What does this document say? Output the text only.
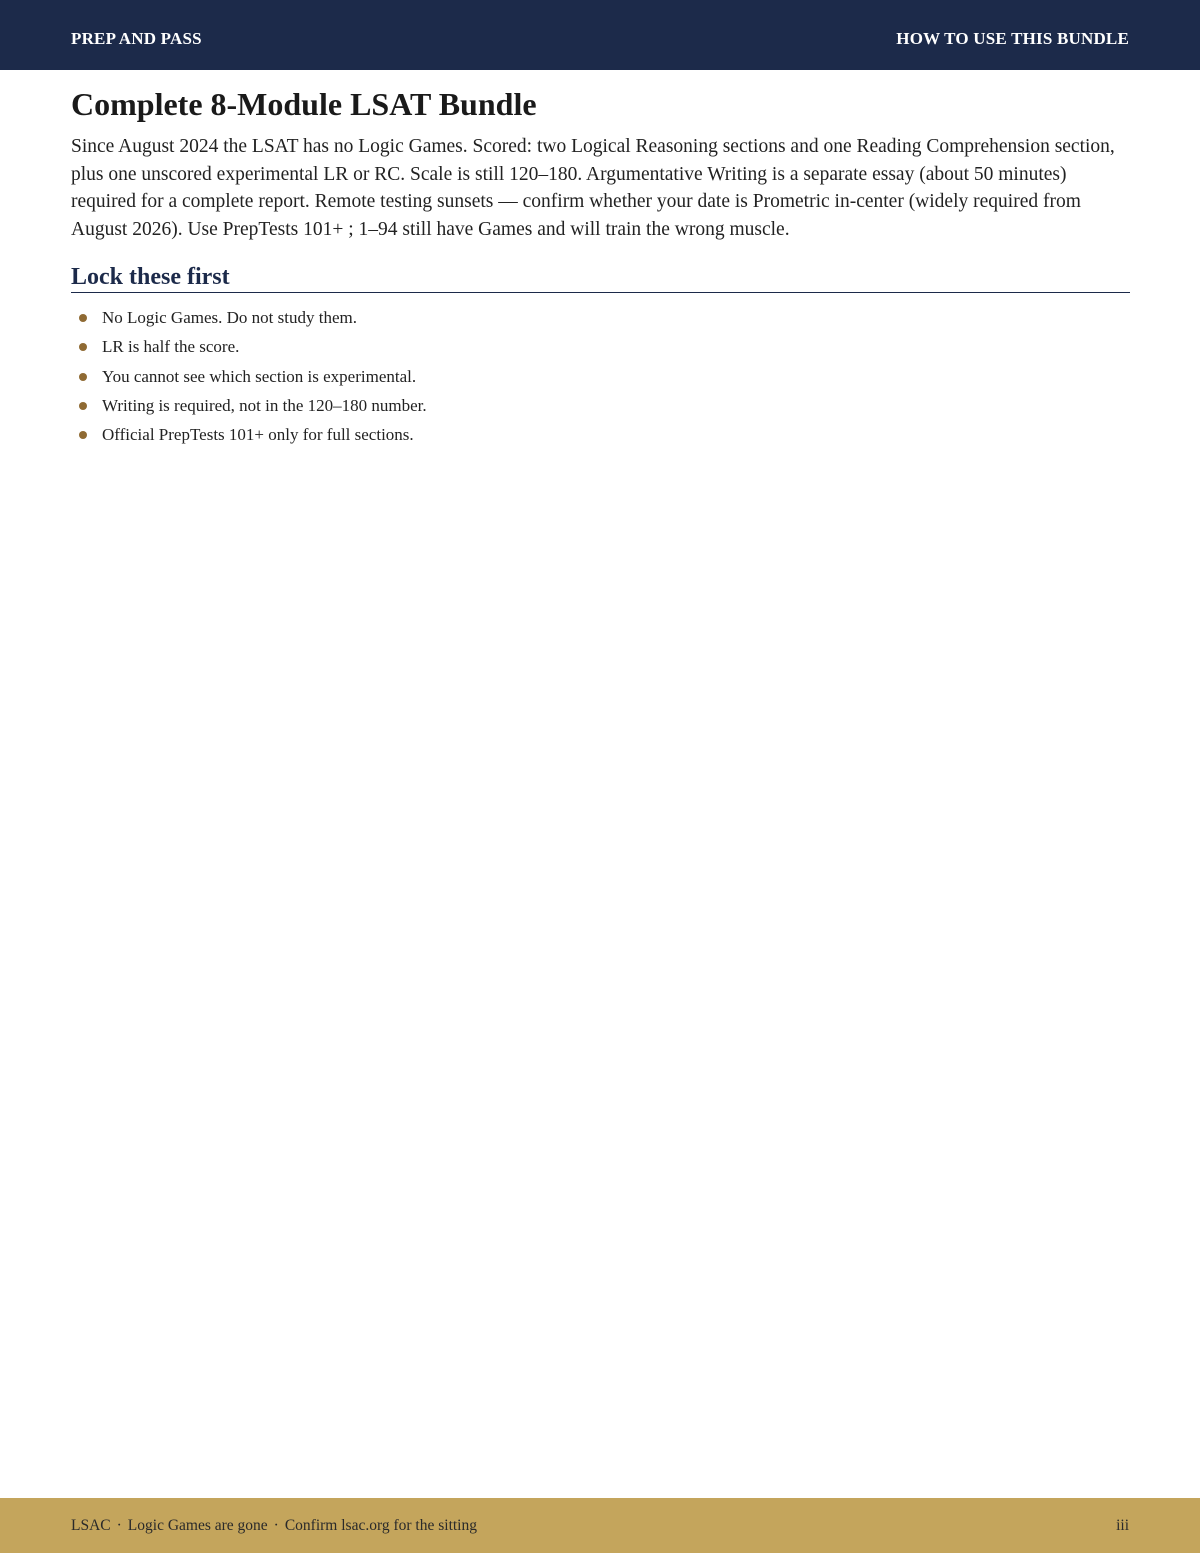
PREP AND PASS	HOW TO USE THIS BUNDLE
Complete 8-Module LSAT Bundle

Since August 2024 the LSAT has no Logic Games. Scored: two Logical Reasoning sections and one Reading Comprehension section, plus one unscored experimental LR or RC. Scale is still 120–180. Argumentative Writing is a separate essay (about 50 minutes) required for a complete report. Remote testing sunsets — confirm whether your date is Prometric in-center (widely required from August 2026). Use PrepTests 101+ ; 1–94 still have Games and will train the wrong muscle.

Lock these first
No Logic Games. Do not study them.
LR is half the score.
You cannot see which section is experimental.
Writing is required, not in the 120–180 number.
Official PrepTests 101+ only for full sections.
LSAC · Logic Games are gone · Confirm lsac.org for the sitting	iii
